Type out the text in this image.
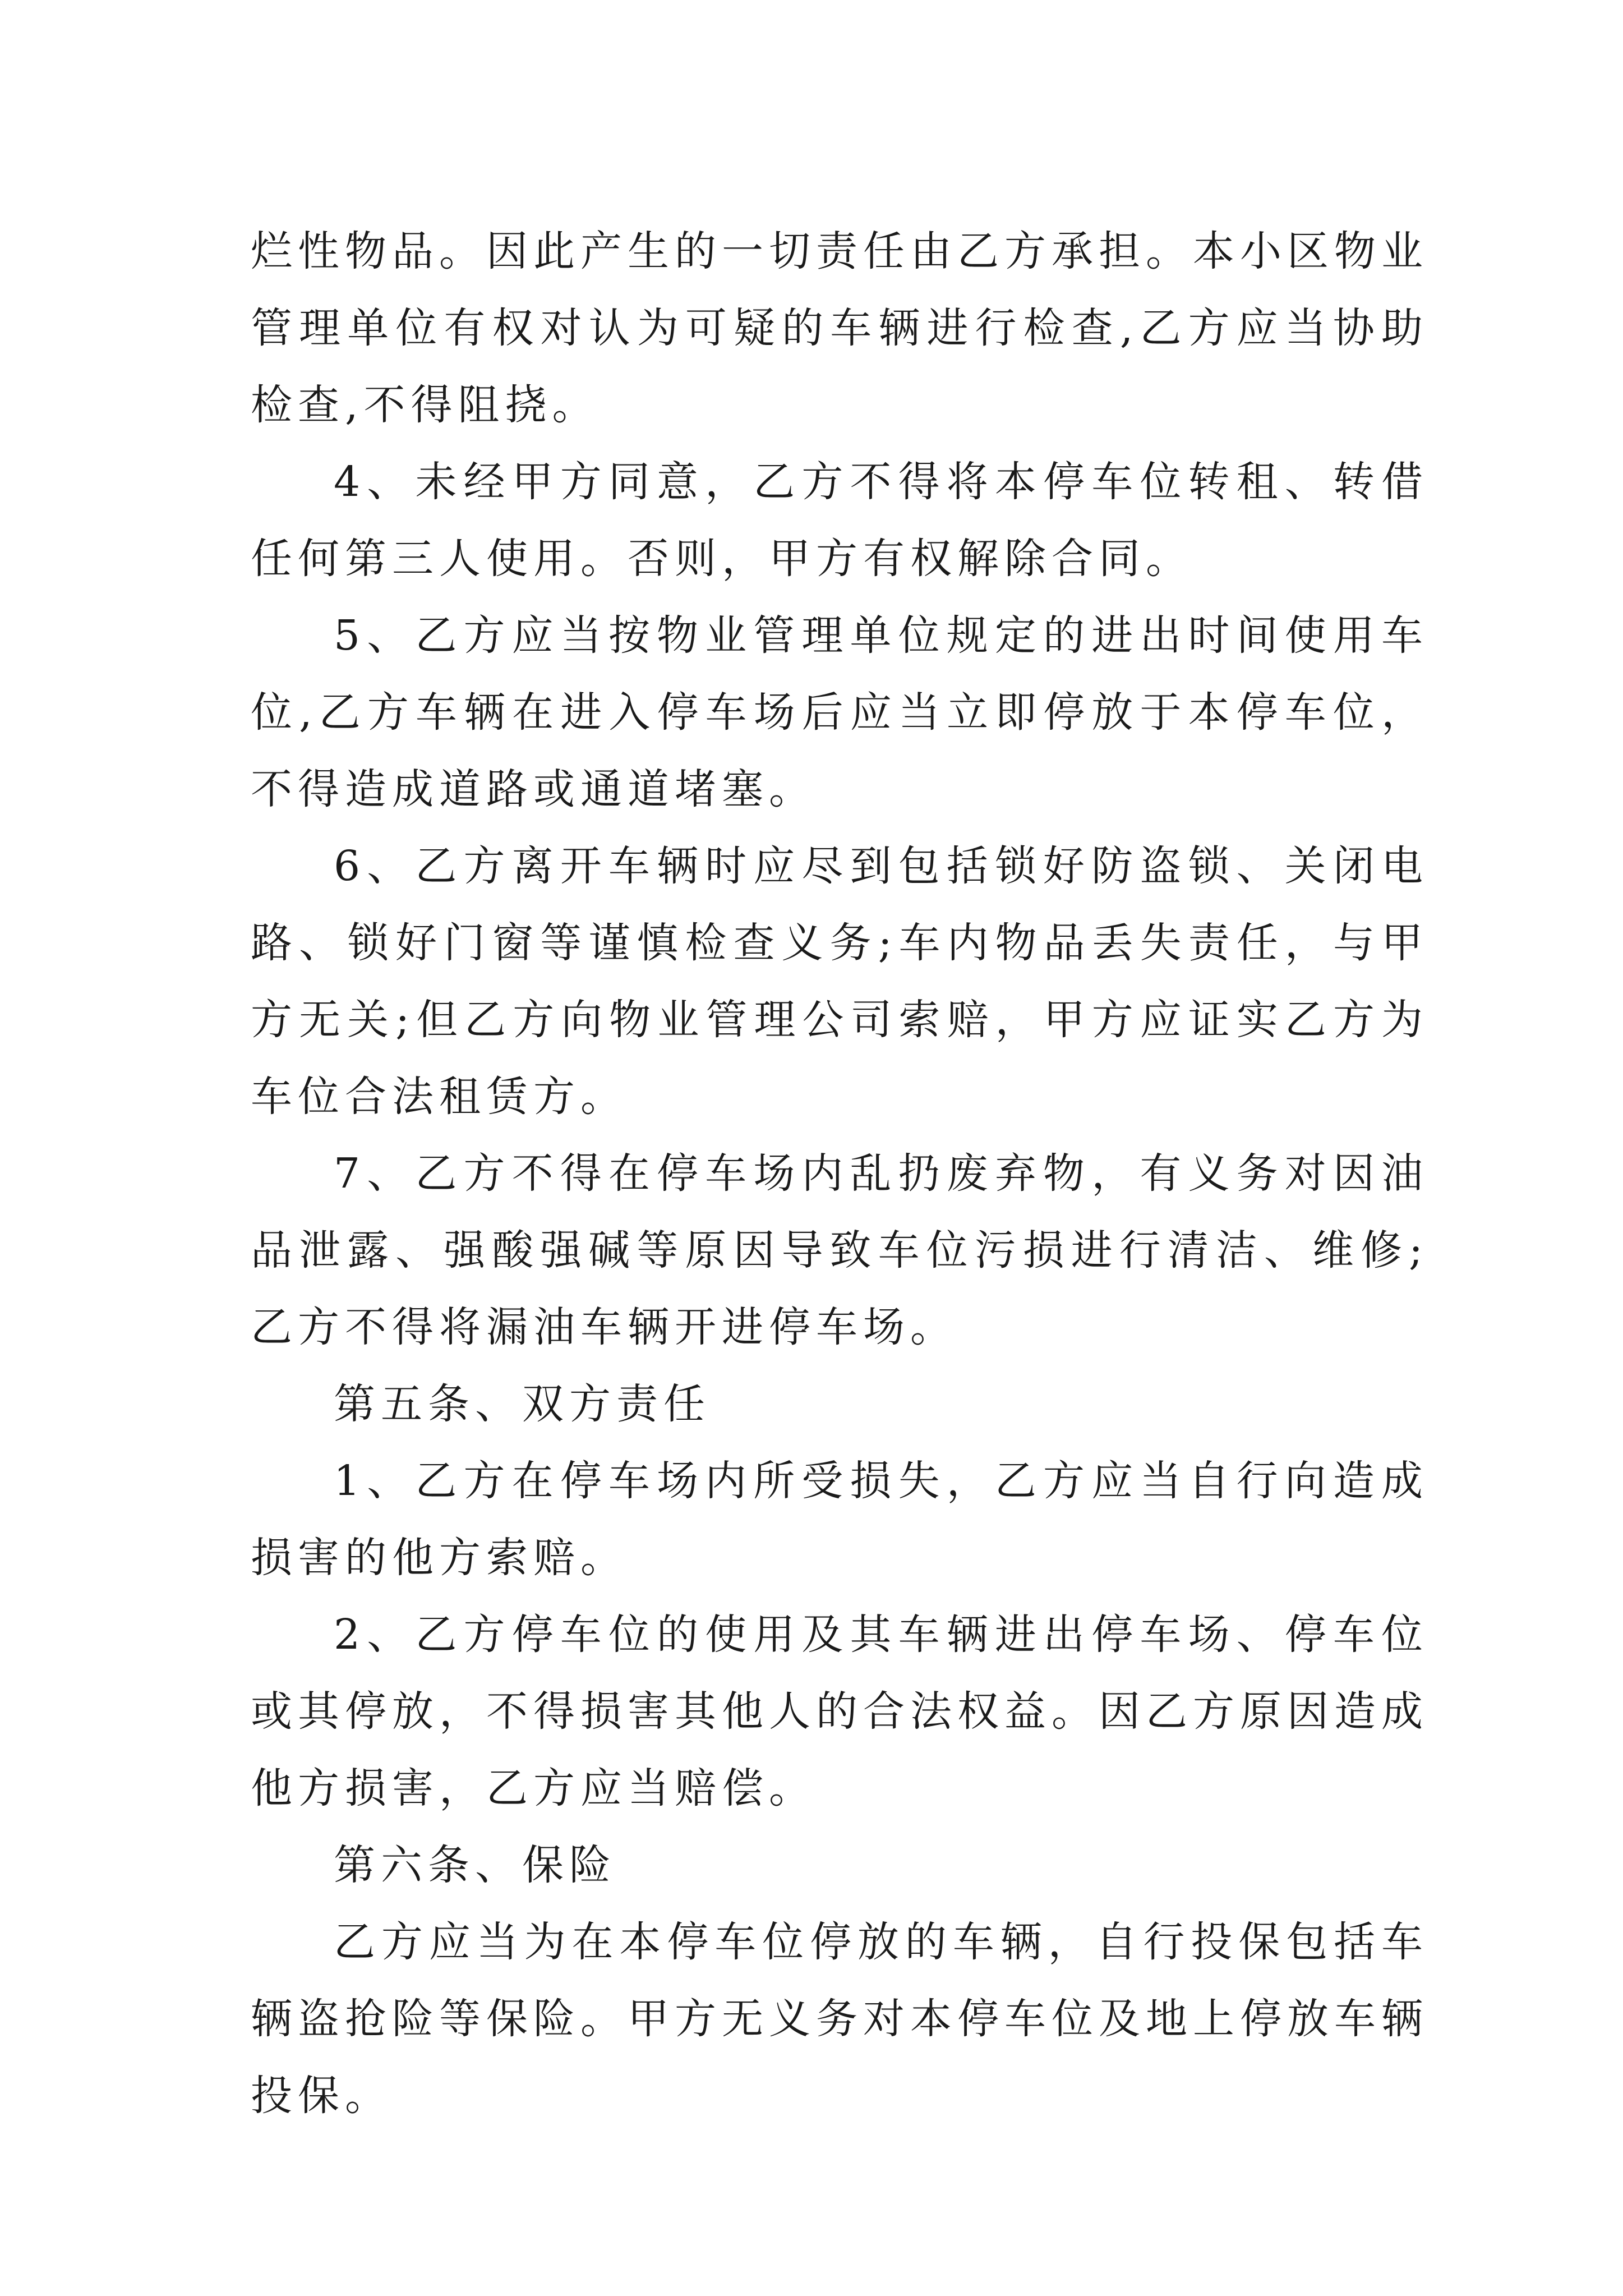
烂性物品。因此产生的一切责任由乙方承担。本小区物业管理单位有权对认为可疑的车辆进行检查,乙方应当协助检查,不得阻挠。

4、未经甲方同意，乙方不得将本停车位转租、转借任何第三人使用。否则，甲方有权解除合同。

5、乙方应当按物业管理单位规定的进出时间使用车位,乙方车辆在进入停车场后应当立即停放于本停车位，不得造成道路或通道堵塞。

6、乙方离开车辆时应尽到包括锁好防盗锁、关闭电路、锁好门窗等谨慎检查义务;车内物品丢失责任，与甲方无关;但乙方向物业管理公司索赔，甲方应证实乙方为车位合法租赁方。

7、乙方不得在停车场内乱扔废弃物，有义务对因油品泄露、强酸强碱等原因导致车位污损进行清洁、维修;乙方不得将漏油车辆开进停车场。

第五条、双方责任

1、乙方在停车场内所受损失，乙方应当自行向造成损害的他方索赔。

2、乙方停车位的使用及其车辆进出停车场、停车位或其停放，不得损害其他人的合法权益。因乙方原因造成他方损害，乙方应当赔偿。

第六条、保险

乙方应当为在本停车位停放的车辆，自行投保包括车辆盗抢险等保险。甲方无义务对本停车位及地上停放车辆投保。
